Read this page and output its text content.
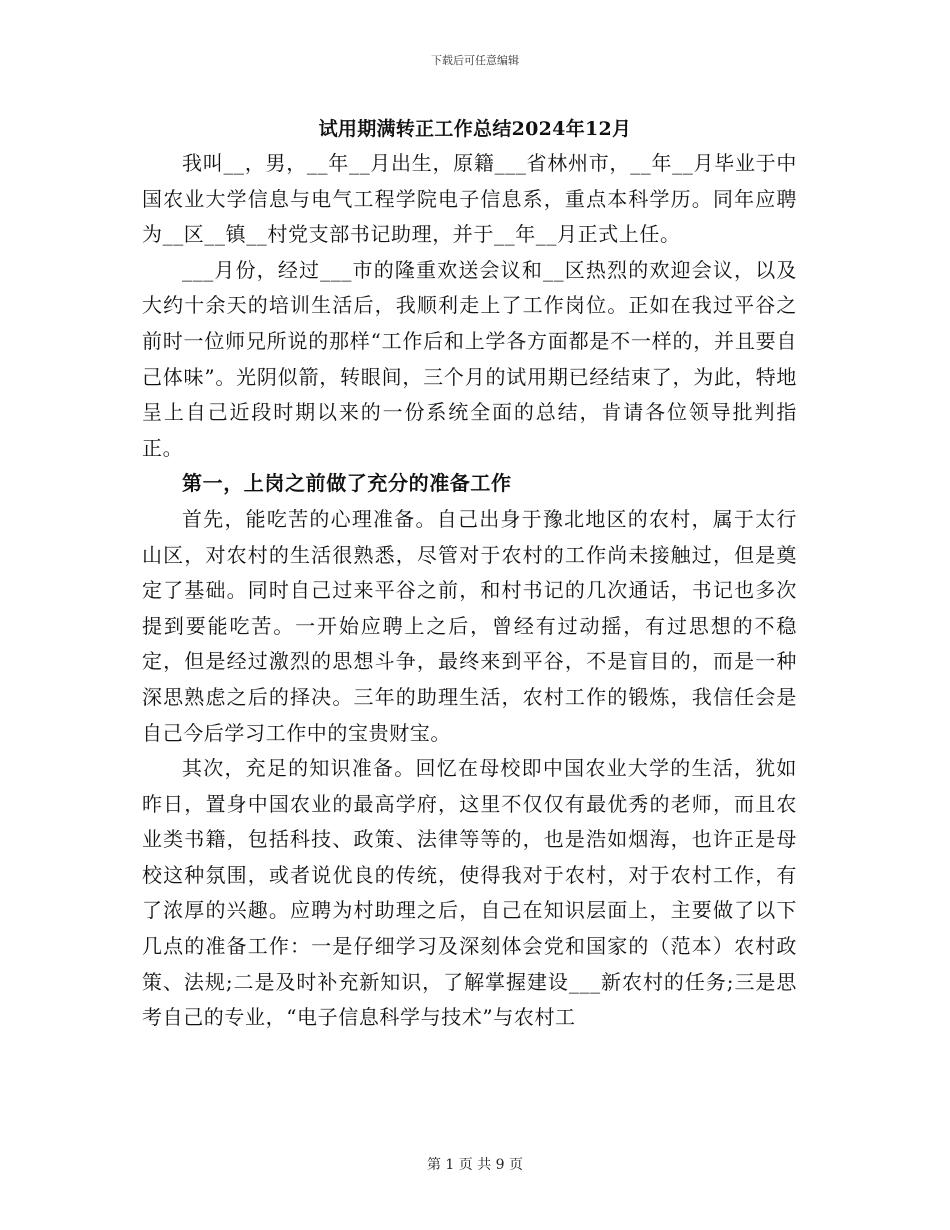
下载后可任意编辑
试用期满转正工作总结2024年12月

我叫__，男，__年__月出生，原籍___省林州市，__年__月毕业于中国农业大学信息与电气工程学院电子信息系，重点本科学历。同年应聘为__区__镇__村党支部书记助理，并于__年__月正式上任。

___月份，经过___市的隆重欢送会议和__区热烈的欢迎会议，以及大约十余天的培训生活后，我顺利走上了工作岗位。正如在我过平谷之前时一位师兄所说的那样“工作后和上学各方面都是不一样的，并且要自己体味”。光阴似箭，转眼间，三个月的试用期已经结束了，为此，特地呈上自己近段时期以来的一份系统全面的总结，肯请各位领导批判指正。

第一，上岗之前做了充分的准备工作

首先，能吃苦的心理准备。自己出身于豫北地区的农村，属于太行山区，对农村的生活很熟悉，尽管对于农村的工作尚未接触过，但是奠定了基础。同时自己过来平谷之前，和村书记的几次通话，书记也多次提到要能吃苦。一开始应聘上之后，曾经有过动摇，有过思想的不稳定，但是经过激烈的思想斗争，最终来到平谷，不是盲目的，而是一种深思熟虑之后的择决。三年的助理生活，农村工作的锻炼，我信任会是自己今后学习工作中的宝贵财宝。

其次，充足的知识准备。回忆在母校即中国农业大学的生活，犹如昨日，置身中国农业的最高学府，这里不仅仅有最优秀的老师，而且农业类书籍，包括科技、政策、法律等等的，也是浩如烟海，也许正是母校这种氛围，或者说优良的传统，使得我对于农村，对于农村工作，有了浓厚的兴趣。应聘为村助理之后，自己在知识层面上，主要做了以下几点的准备工作：一是仔细学习及深刻体会党和国家的（范本）农村政策、法规;二是及时补充新知识，了解掌握建设___新农村的任务;三是思考自己的专业，“电子信息科学与技术”与农村工

第 1 页 共 9 页
